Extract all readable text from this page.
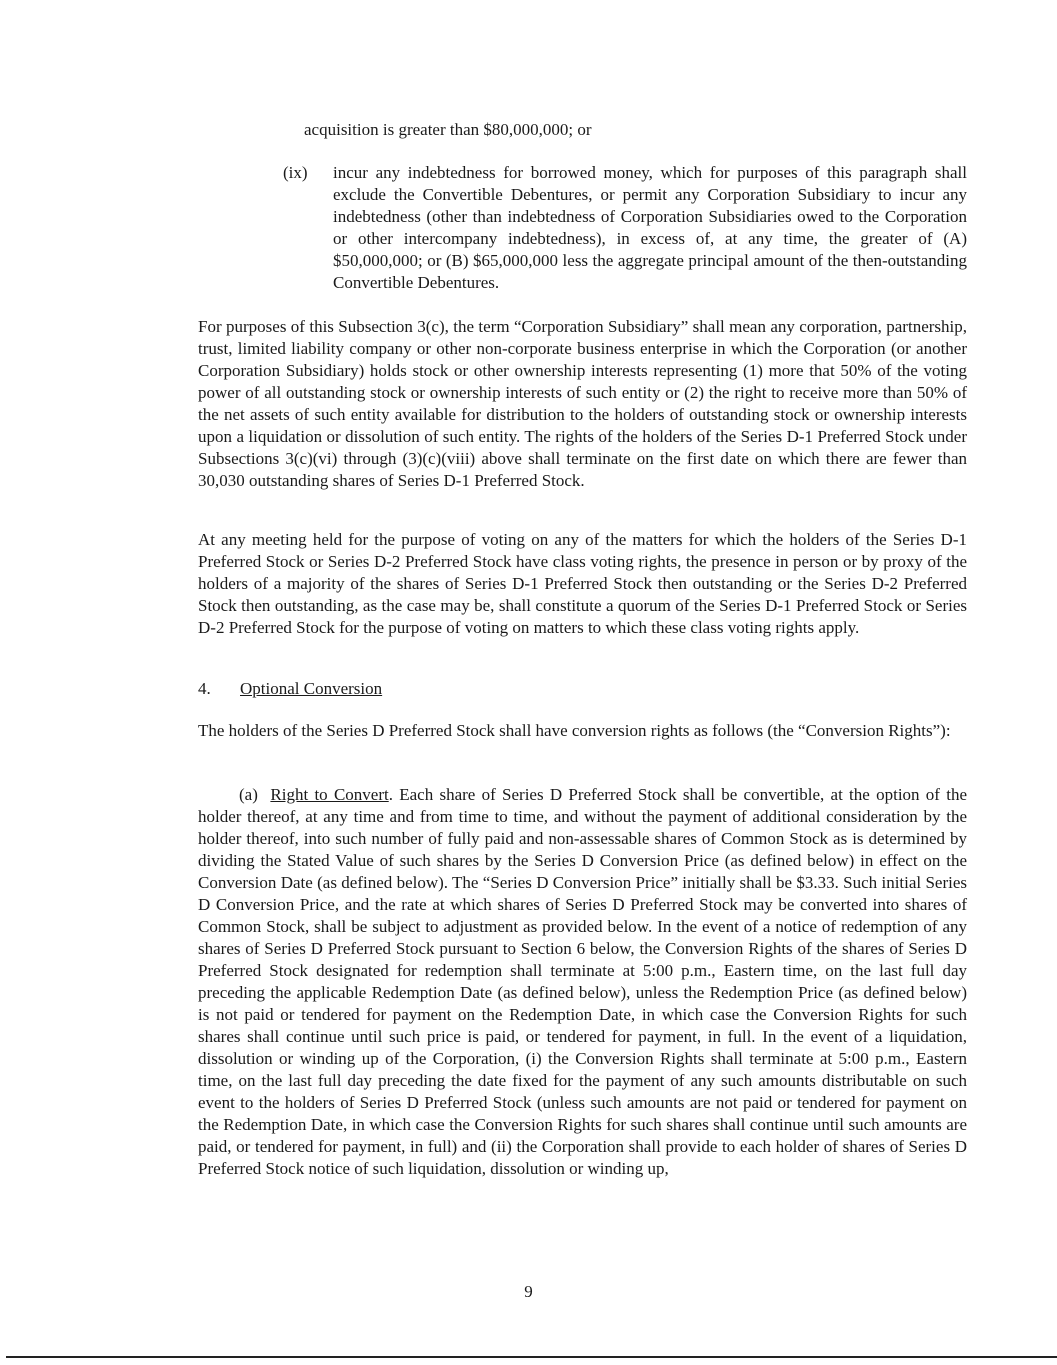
acquisition is greater than $80,000,000; or

(ix)	incur any indebtedness for borrowed money, which for purposes of this paragraph shall exclude the Convertible Debentures, or permit any Corporation Subsidiary to incur any indebtedness (other than indebtedness of Corporation Subsidiaries owed to the Corporation or other intercompany indebtedness), in excess of, at any time, the greater of (A) $50,000,000; or (B) $65,000,000 less the aggregate principal amount of the then-outstanding Convertible Debentures.

For purposes of this Subsection 3(c), the term “Corporation Subsidiary” shall mean any corporation, partnership, trust, limited liability company or other non-corporate business enterprise in which the Corporation (or another Corporation Subsidiary) holds stock or other ownership interests representing (1) more that 50% of the voting power of all outstanding stock or ownership interests of such entity or (2) the right to receive more than 50% of the net assets of such entity available for distribution to the holders of outstanding stock or ownership interests upon a liquidation or dissolution of such entity. The rights of the holders of the Series D-1 Preferred Stock under Subsections 3(c)(vi) through (3)(c)(viii) above shall terminate on the first date on which there are fewer than 30,030 outstanding shares of Series D-1 Preferred Stock.

At any meeting held for the purpose of voting on any of the matters for which the holders of the Series D-1 Preferred Stock or Series D-2 Preferred Stock have class voting rights, the presence in person or by proxy of the holders of a majority of the shares of Series D-1 Preferred Stock then outstanding or the Series D-2 Preferred Stock then outstanding, as the case may be, shall constitute a quorum of the Series D-1 Preferred Stock or Series D-2 Preferred Stock for the purpose of voting on matters to which these class voting rights apply.

4. Optional Conversion

The holders of the Series D Preferred Stock shall have conversion rights as follows (the “Conversion Rights”):

(a) Right to Convert. Each share of Series D Preferred Stock shall be convertible, at the option of the holder thereof, at any time and from time to time, and without the payment of additional consideration by the holder thereof, into such number of fully paid and non-assessable shares of Common Stock as is determined by dividing the Stated Value of such shares by the Series D Conversion Price (as defined below) in effect on the Conversion Date (as defined below). The “Series D Conversion Price” initially shall be $3.33. Such initial Series D Conversion Price, and the rate at which shares of Series D Preferred Stock may be converted into shares of Common Stock, shall be subject to adjustment as provided below. In the event of a notice of redemption of any shares of Series D Preferred Stock pursuant to Section 6 below, the Conversion Rights of the shares of Series D Preferred Stock designated for redemption shall terminate at 5:00 p.m., Eastern time, on the last full day preceding the applicable Redemption Date (as defined below), unless the Redemption Price (as defined below) is not paid or tendered for payment on the Redemption Date, in which case the Conversion Rights for such shares shall continue until such price is paid, or tendered for payment, in full. In the event of a liquidation, dissolution or winding up of the Corporation, (i) the Conversion Rights shall terminate at 5:00 p.m., Eastern time, on the last full day preceding the date fixed for the payment of any such amounts distributable on such event to the holders of Series D Preferred Stock (unless such amounts are not paid or tendered for payment on the Redemption Date, in which case the Conversion Rights for such shares shall continue until such amounts are paid, or tendered for payment, in full) and (ii) the Corporation shall provide to each holder of shares of Series D Preferred Stock notice of such liquidation, dissolution or winding up,

9
